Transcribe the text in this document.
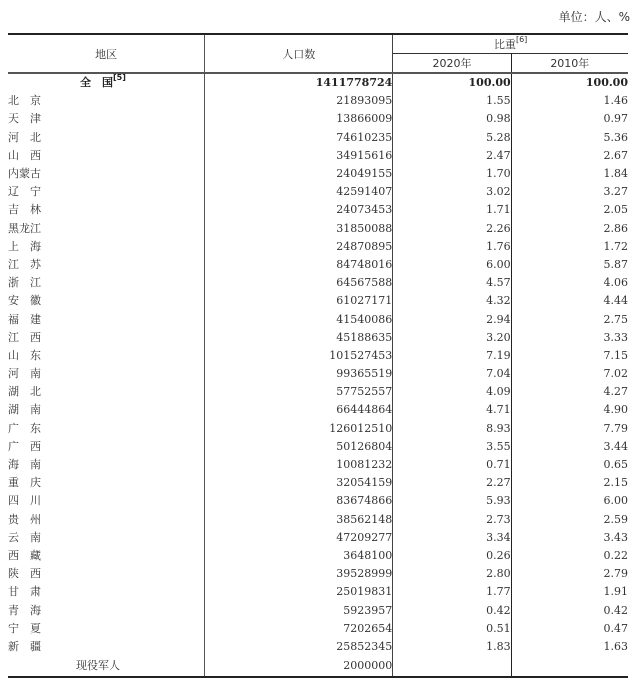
单位：人、%
地区	人口数	比重[6]
		2020年	2010年
全　国[5]	1411778724	100.00	100.00
北　京	21893095	1.55	1.46
天　津	13866009	0.98	0.97
河　北	74610235	5.28	5.36
山　西	34915616	2.47	2.67
内蒙古	24049155	1.70	1.84
辽　宁	42591407	3.02	3.27
吉　林	24073453	1.71	2.05
黑龙江	31850088	2.26	2.86
上　海	24870895	1.76	1.72
江　苏	84748016	6.00	5.87
浙　江	64567588	4.57	4.06
安　徽	61027171	4.32	4.44
福　建	41540086	2.94	2.75
江　西	45188635	3.20	3.33
山　东	101527453	7.19	7.15
河　南	99365519	7.04	7.02
湖　北	57752557	4.09	4.27
湖　南	66444864	4.71	4.90
广　东	126012510	8.93	7.79
广　西	50126804	3.55	3.44
海　南	10081232	0.71	0.65
重　庆	32054159	2.27	2.15
四　川	83674866	5.93	6.00
贵　州	38562148	2.73	2.59
云　南	47209277	3.34	3.43
西　藏	3648100	0.26	0.22
陕　西	39528999	2.80	2.79
甘　肃	25019831	1.77	1.91
青　海	5923957	0.42	0.42
宁　夏	7202654	0.51	0.47
新　疆	25852345	1.83	1.63
现役军人	2000000		
